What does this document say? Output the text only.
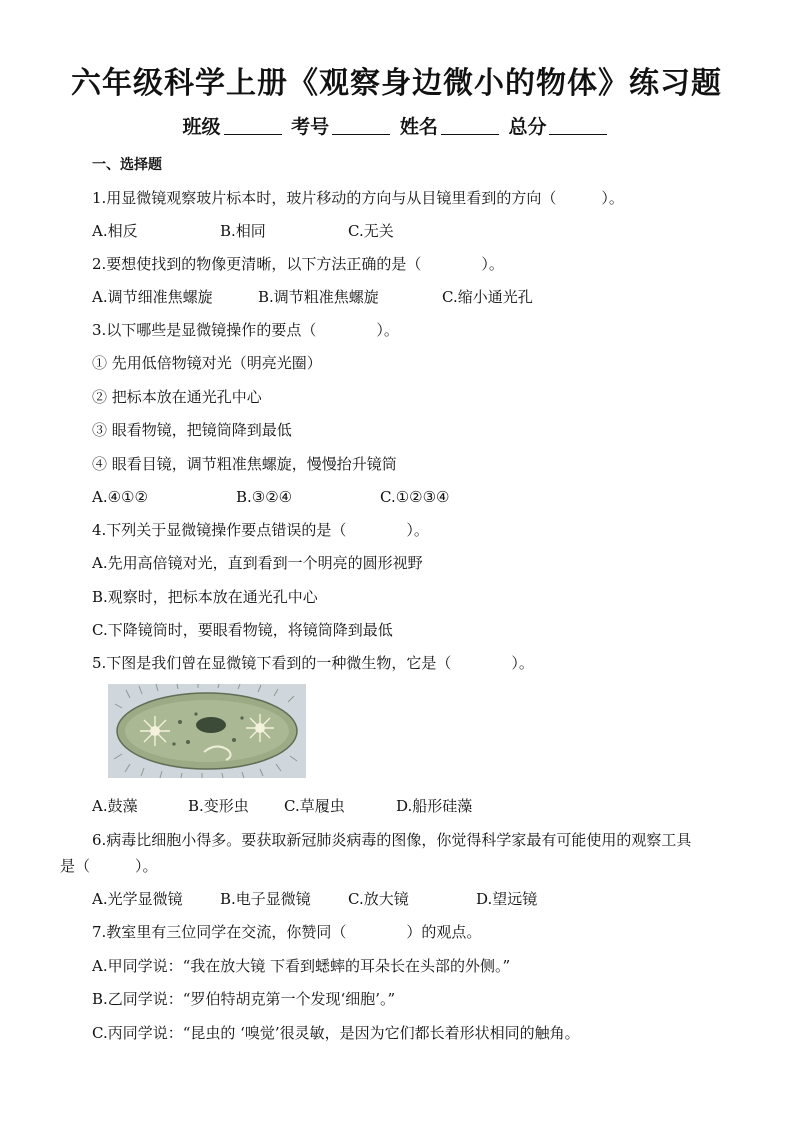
六年级科学上册《观察身边微小的物体》练习题
班级	考号	姓名	总分
一、选择题
1.用显微镜观察玻片标本时，玻片移动的方向与从目镜里看到的方向（　　　）。
A.相反	B.相同	C.无关
2.要想使找到的物像更清晰，以下方法正确的是（　　　　）。
A.调节细准焦螺旋	B.调节粗准焦螺旋	C.缩小通光孔
3.以下哪些是显微镜操作的要点（　　　　）。
① 先用低倍物镜对光（明亮光圈）
② 把标本放在通光孔中心
③ 眼看物镜，把镜筒降到最低
④ 眼看目镜，调节粗准焦螺旋，慢慢抬升镜筒
A.④①②	B.③②④	C.①②③④
4.下列关于显微镜操作要点错误的是（　　　　）。
A.先用高倍镜对光，直到看到一个明亮的圆形视野
B.观察时，把标本放在通光孔中心
C.下降镜筒时，要眼看物镜，将镜筒降到最低
5.下图是我们曾在显微镜下看到的一种微生物，它是（　　　　）。
A.鼓藻	B.变形虫 C.草履虫	D.船形硅藻
6.病毒比细胞小得多。要获取新冠肺炎病毒的图像，你觉得科学家最有可能使用的观察工具
是（　　　）。
A.光学显微镜 B.电子显微镜 C.放大镜	D.望远镜
7.教室里有三位同学在交流，你赞同（　　　　）的观点。
A.甲同学说：“我在放大镜 下看到蟋蟀的耳朵长在头部的外侧。”
B.乙同学说：“罗伯特胡克第一个发现‘细胞’。”
C.丙同学说：“昆虫的 ‘嗅觉’很灵敏，是因为它们都长着形状相同的触角。
